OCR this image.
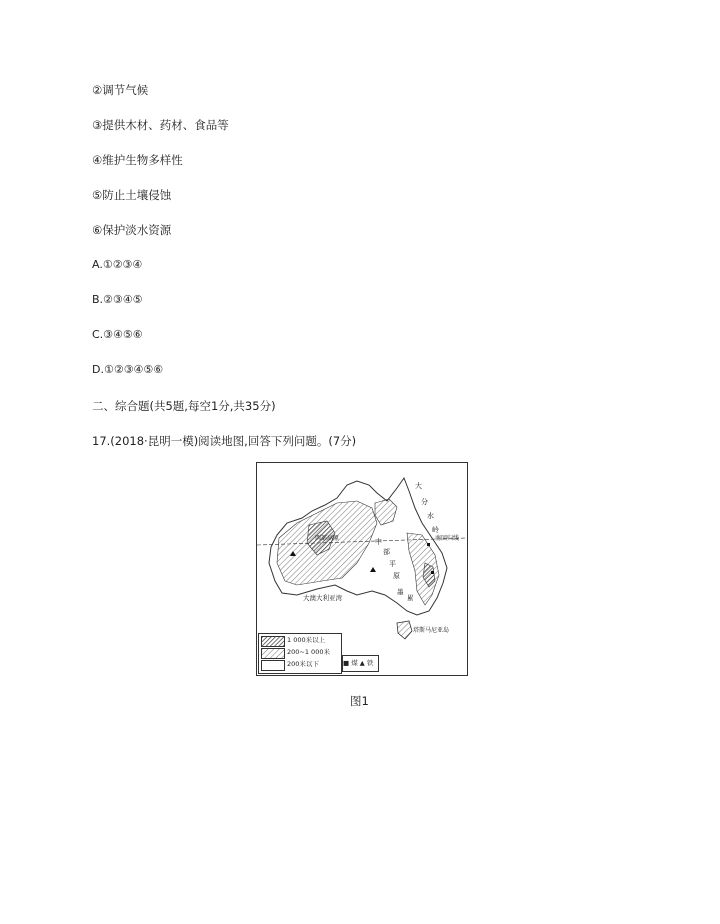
②调节气候
③提供木材、药材、食品等
④维护生物多样性
⑤防止土壤侵蚀
⑥保护淡水资源
A.①②③④
B.②③④⑤
C.③④⑤⑥
D.①②③④⑤⑥
二、综合题(共5题,每空1分,共35分)
17.(2018·昆明一模)阅读地图,回答下列问题。(7分)
西部高原	中
部
平
原
大
分
水
岭
南回归线
大澳大利亚湾
塔斯马尼亚岛
墨
累
1 000米以上
200~1 000米
200米以下	■ 煤 ▲ 铁
图1
